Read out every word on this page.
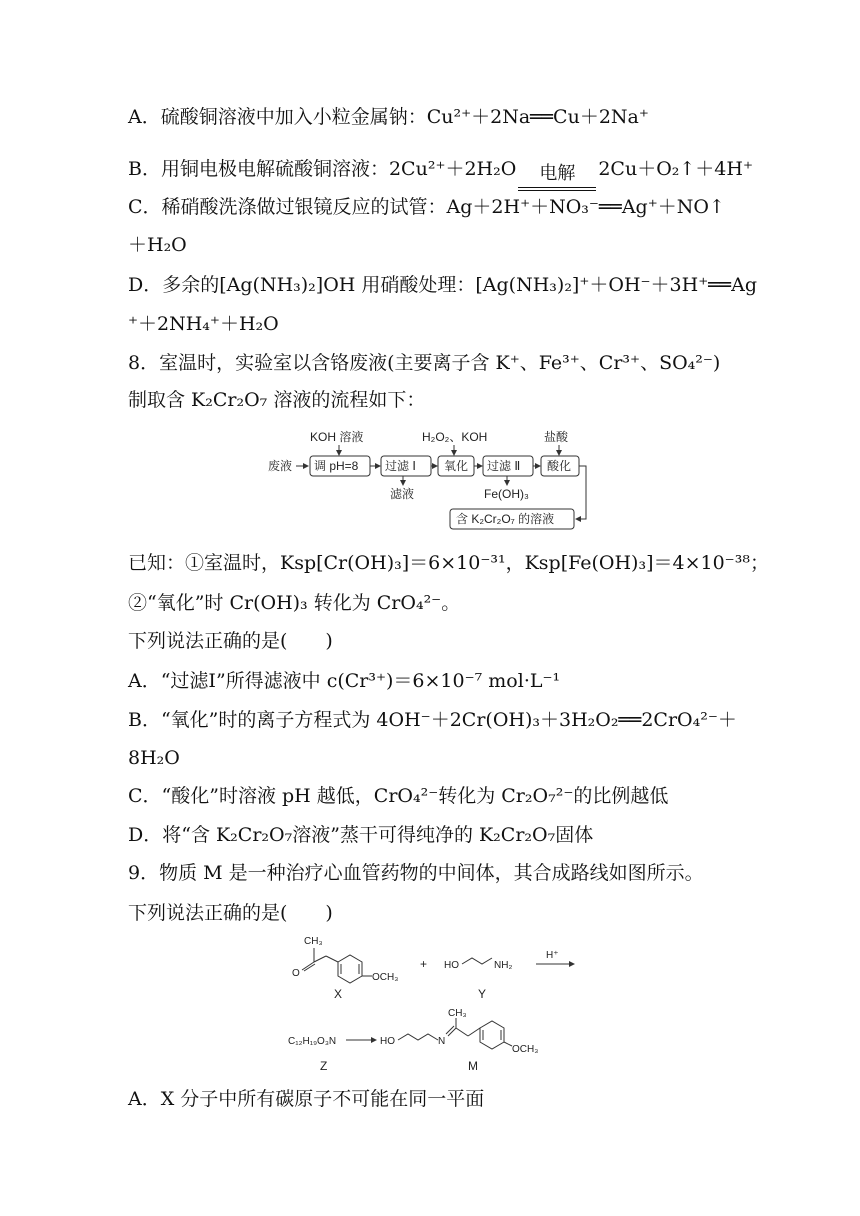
A．硫酸铜溶液中加入小粒金属钠：Cu²⁺＋2Na══Cu＋2Na⁺
B．用铜电极电解硫酸铜溶液：2Cu²⁺＋2H₂O	电解	2Cu＋O₂↑＋4H⁺
C．稀硝酸洗涤做过银镜反应的试管：Ag＋2H⁺＋NO₃⁻══Ag⁺＋NO↑
＋H₂O
D．多余的[Ag(NH₃)₂]OH 用硝酸处理：[Ag(NH₃)₂]⁺＋OH⁻＋3H⁺══Ag
⁺＋2NH₄⁺＋H₂O
8．室温时，实验室以含铬废液(主要离子含 K⁺、Fe³⁺、Cr³⁺、SO₄²⁻)
制取含 K₂Cr₂O₇ 溶液的流程如下：
废液
KOH 溶液
调 pH=8 过滤 Ⅰ
滤液
H₂O₂、KOH
氧化 过滤 Ⅱ
Fe(OH)₃
盐酸
酸化
含 K₂Cr₂O₇ 的溶液
已知：①室温时，Ksp[Cr(OH)₃]＝6×10⁻³¹，Ksp[Fe(OH)₃]＝4×10⁻³⁸；
②“氧化”时 Cr(OH)₃ 转化为 CrO₄²⁻。
下列说法正确的是(　　)
A．“过滤Ⅰ”所得滤液中 c(Cr³⁺)＝6×10⁻⁷ mol·L⁻¹
B．“氧化”时的离子方程式为 4OH⁻＋2Cr(OH)₃＋3H₂O₂══2CrO₄²⁻＋
8H₂O
C．“酸化”时溶液 pH 越低，CrO₄²⁻转化为 Cr₂O₇²⁻的比例越低
D．将“含 K₂Cr₂O₇溶液”蒸干可得纯净的 K₂Cr₂O₇固体
9．物质 M 是一种治疗心血管药物的中间体，其合成路线如图所示。
下列说法正确的是(　　)
CH₃
O	OCH₃
X
+ HO	NH₂
Y
H⁺
C₁₂H₁₉O₃N
Z
HO	N
CH₃
OCH₃
M
A．X 分子中所有碳原子不可能在同一平面
